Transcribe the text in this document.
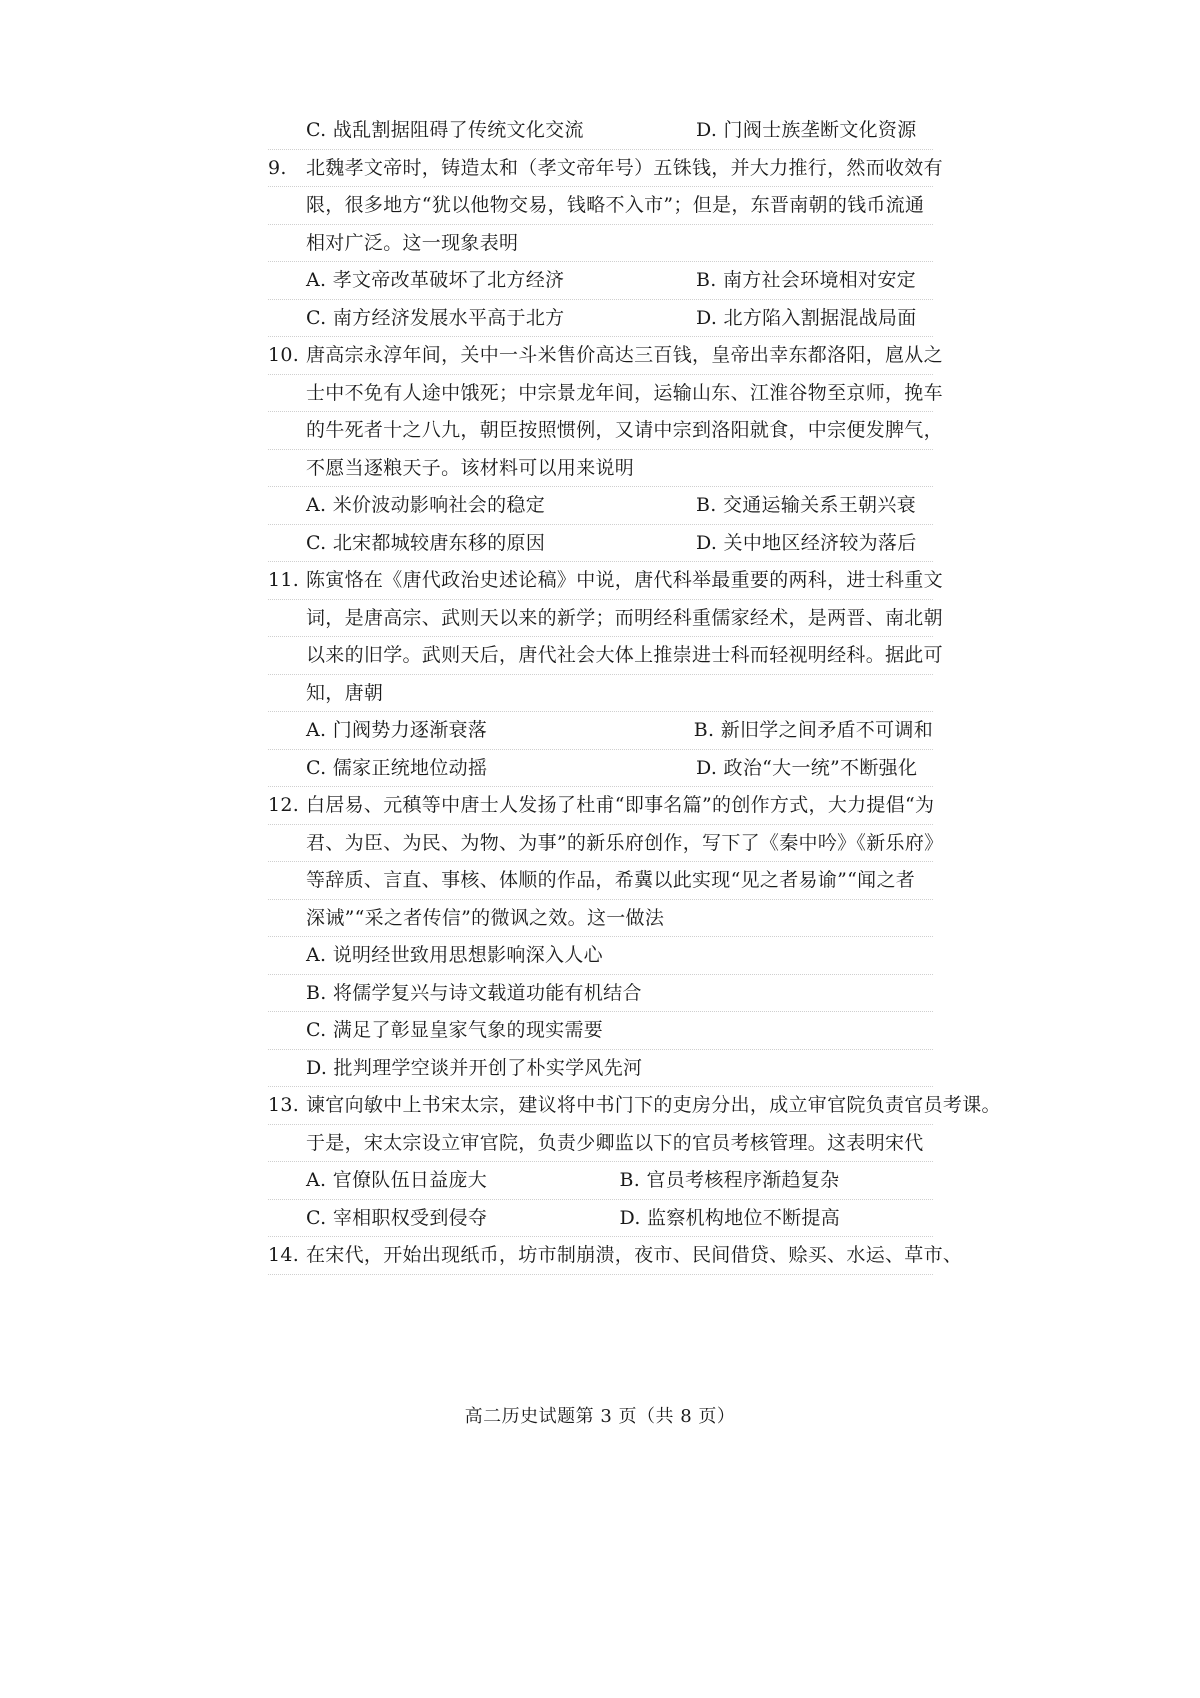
C. 战乱割据阻碍了传统文化交流	D. 门阀士族垄断文化资源
9. 北魏孝文帝时，铸造太和（孝文帝年号）五铢钱，并大力推行，然而收效有
限，很多地方“犹以他物交易，钱略不入市”；但是，东晋南朝的钱币流通
相对广泛。这一现象表明
A. 孝文帝改革破坏了北方经济	B. 南方社会环境相对安定
C. 南方经济发展水平高于北方	D. 北方陷入割据混战局面
10. 唐高宗永淳年间，关中一斗米售价高达三百钱，皇帝出幸东都洛阳，扈从之
士中不免有人途中饿死；中宗景龙年间，运输山东、江淮谷物至京师，挽车
的牛死者十之八九，朝臣按照惯例，又请中宗到洛阳就食，中宗便发脾气，
不愿当逐粮天子。该材料可以用来说明
A. 米价波动影响社会的稳定	B. 交通运输关系王朝兴衰
C. 北宋都城较唐东移的原因	D. 关中地区经济较为落后
11. 陈寅恪在《唐代政治史述论稿》中说，唐代科举最重要的两科，进士科重文
词，是唐高宗、武则天以来的新学；而明经科重儒家经术，是两晋、南北朝
以来的旧学。武则天后，唐代社会大体上推崇进士科而轻视明经科。据此可
知，唐朝
A. 门阀势力逐渐衰落	B. 新旧学之间矛盾不可调和
C. 儒家正统地位动摇	D. 政治“大一统”不断强化
12. 白居易、元稹等中唐士人发扬了杜甫“即事名篇”的创作方式，大力提倡“为
君、为臣、为民、为物、为事”的新乐府创作，写下了《秦中吟》《新乐府》
等辞质、言直、事核、体顺的作品，希冀以此实现“见之者易谕”“闻之者
深诫”“采之者传信”的微讽之效。这一做法
A. 说明经世致用思想影响深入人心
B. 将儒学复兴与诗文载道功能有机结合
C. 满足了彰显皇家气象的现实需要
D. 批判理学空谈并开创了朴实学风先河
13. 谏官向敏中上书宋太宗，建议将中书门下的吏房分出，成立审官院负责官员考课。
于是，宋太宗设立审官院，负责少卿监以下的官员考核管理。这表明宋代
A. 官僚队伍日益庞大	B. 官员考核程序渐趋复杂
C. 宰相职权受到侵夺	D. 监察机构地位不断提高
14. 在宋代，开始出现纸币，坊市制崩溃，夜市、民间借贷、赊买、水运、草市、
高二历史试题第 3 页（共 8 页）
